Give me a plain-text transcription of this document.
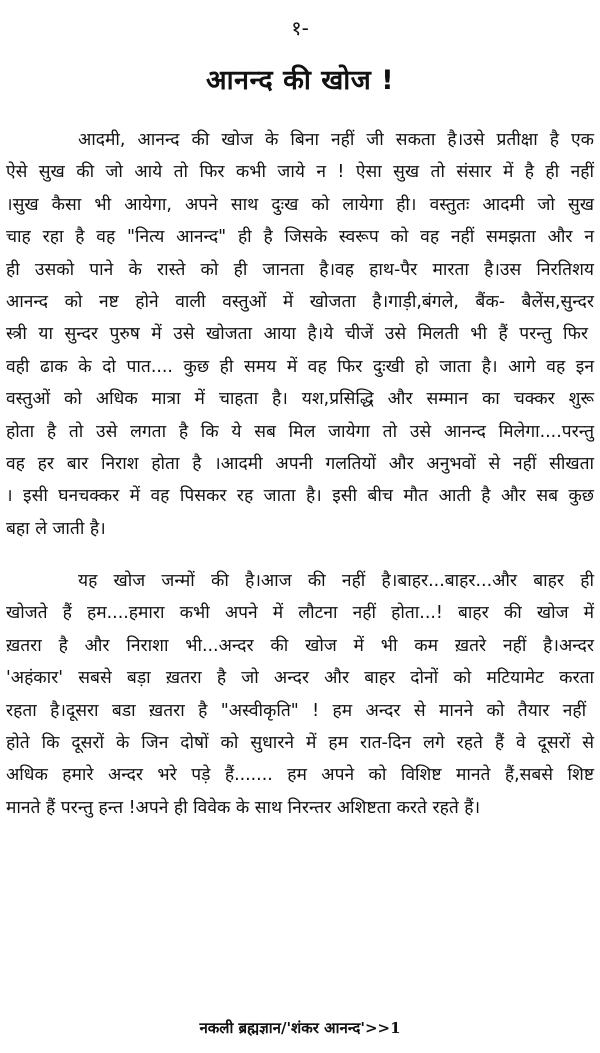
१-
आनन्द की खोज !
आदमी, आनन्द की खोज के बिना नहीं जी सकता है।उसे प्रतीक्षा है एक
ऐसे सुख की जो आये तो फिर कभी जाये न ! ऐसा सुख तो संसार में है ही नहीं
।सुख कैसा भी आयेगा, अपने साथ दुःख को लायेगा ही। वस्तुतः आदमी जो सुख
चाह रहा है वह "नित्य आनन्द" ही है जिसके स्वरूप को वह नहीं समझता और न
ही उसको पाने के रास्ते को ही जानता है।वह हाथ-पैर मारता है।उस निरतिशय
आनन्द को नष्ट होने वाली वस्तुओं में खोजता है।गाड़ी,बंगले, बैंक- बैलेंस,सुन्दर
स्त्री या सुन्दर पुरुष में उसे खोजता आया है।ये चीजें उसे मिलती भी हैं परन्तु फिर
वही ढाक के दो पात.... कुछ ही समय में वह फिर दुःखी हो जाता है। आगे वह इन
वस्तुओं को अधिक मात्रा में चाहता है। यश,प्रसिद्धि और सम्मान का चक्कर शुरू
होता है तो उसे लगता है कि ये सब मिल जायेगा तो उसे आनन्द मिलेगा....परन्तु
वह हर बार निराश होता है ।आदमी अपनी गलतियों और अनुभवों से नहीं सीखता
। इसी घनचक्कर में वह पिसकर रह जाता है। इसी बीच मौत आती है और सब कुछ
बहा ले जाती है।
यह खोज जन्मों की है।आज की नहीं है।बाहर...बाहर...और बाहर ही
खोजते हैं हम....हमारा कभी अपने में लौटना नहीं होता...! बाहर की खोज में
ख़तरा है और निराशा भी...अन्दर की खोज में भी कम ख़तरे नहीं है।अन्दर
'अहंकार' सबसे बड़ा ख़तरा है जो अन्दर और बाहर दोनों को मटियामेट करता
रहता है।दूसरा बडा ख़तरा है "अस्वीकृति" ! हम अन्दर से मानने को तैयार नहीं
होते कि दूसरों के जिन दोषों को सुधारने में हम रात-दिन लगे रहते हैं वे दूसरों से
अधिक हमारे अन्दर भरे पड़े हैं....... हम अपने को विशिष्ट मानते हैं,सबसे शिष्ट
मानते हैं परन्तु हन्त !अपने ही विवेक के साथ निरन्तर अशिष्टता करते रहते हैं।
नकली ब्रह्मज्ञान/'शंकर आनन्द'>>1
